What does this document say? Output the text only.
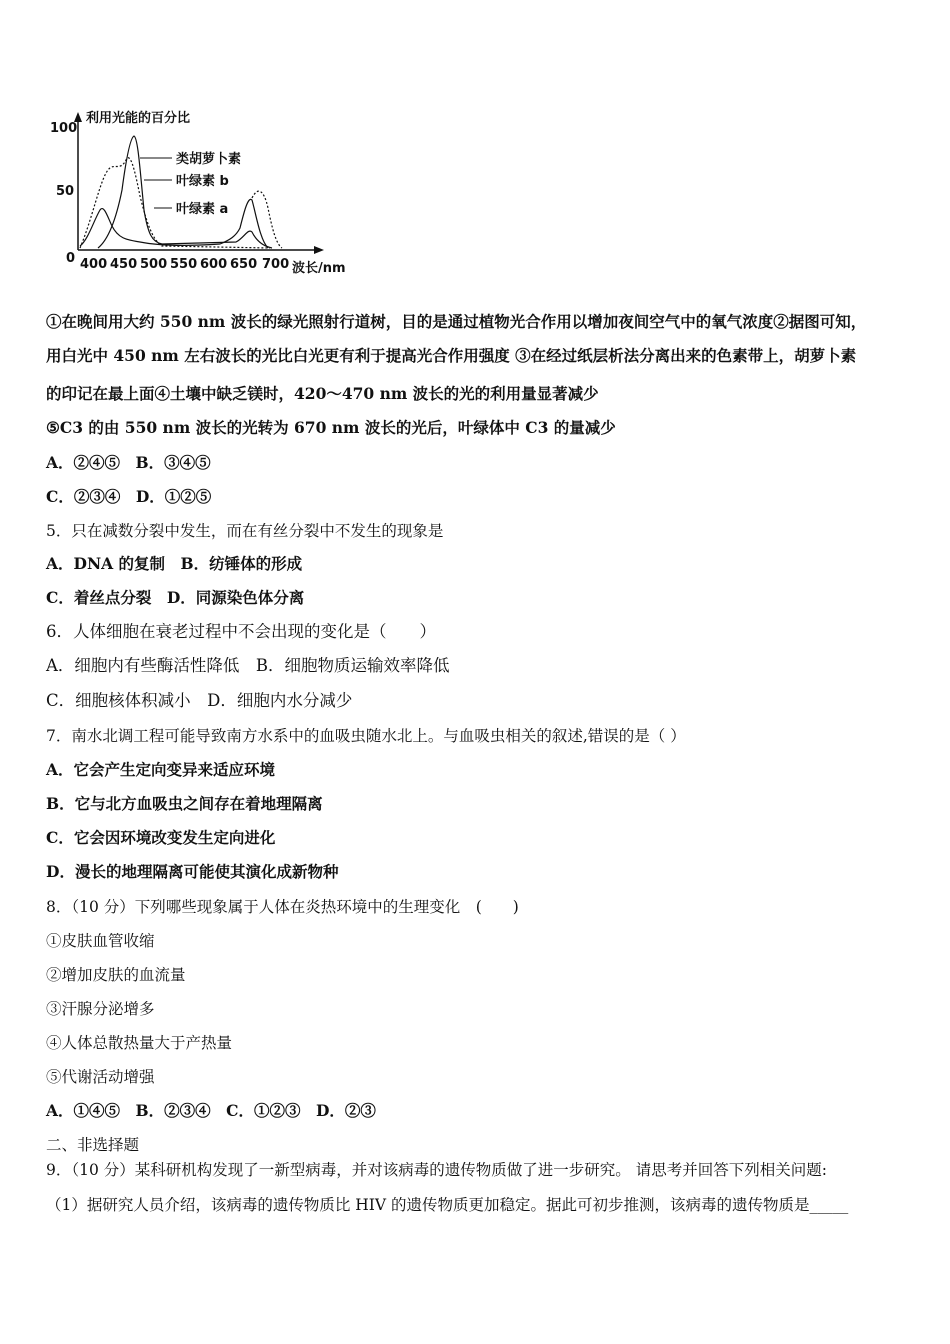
利用光能的百分比
100
50
0 400 450 500 550 600 650 700 波长/nm
类胡萝卜素
叶绿素 b
叶绿素 a
①在晚间用大约 550 nm 波长的绿光照射行道树，目的是通过植物光合作用以增加夜间空气中的氧气浓度②据图可知，
用白光中 450 nm 左右波长的光比白光更有利于提高光合作用强度 ③在经过纸层析法分离出来的色素带上，胡萝卜素
的印记在最上面④土壤中缺乏镁时，420～470 nm 波长的光的利用量显著减少
⑤C3 的由 550 nm 波长的光转为 670 nm 波长的光后，叶绿体中 C3 的量减少
A．②④⑤　B．③④⑤
C．②③④　D．①②⑤
5．只在减数分裂中发生，而在有丝分裂中不发生的现象是
A．DNA 的复制　B．纺锤体的形成
C．着丝点分裂　D．同源染色体分离
6．人体细胞在衰老过程中不会出现的变化是（　　）
A．细胞内有些酶活性降低　B．细胞物质运输效率降低
C．细胞核体积减小　D．细胞内水分减少
7．南水北调工程可能导致南方水系中的血吸虫随水北上。与血吸虫相关的叙述,错误的是（ ）
A．它会产生定向变异来适应环境
B．它与北方血吸虫之间存在着地理隔离
C．它会因环境改变发生定向进化
D．漫长的地理隔离可能使其演化成新物种
8．（10 分）下列哪些现象属于人体在炎热环境中的生理变化　(　　)
①皮肤血管收缩
②增加皮肤的血流量
③汗腺分泌增多
④人体总散热量大于产热量
⑤代谢活动增强
A．①④⑤　B．②③④　C．①②③　D．②③
二、非选择题
9．（10 分）某科研机构发现了一新型病毒，并对该病毒的遗传物质做了进一步研究。 请思考并回答下列相关问题:
（1）据研究人员介绍，该病毒的遗传物质比 HIV 的遗传物质更加稳定。据此可初步推测，该病毒的遗传物质是_____
